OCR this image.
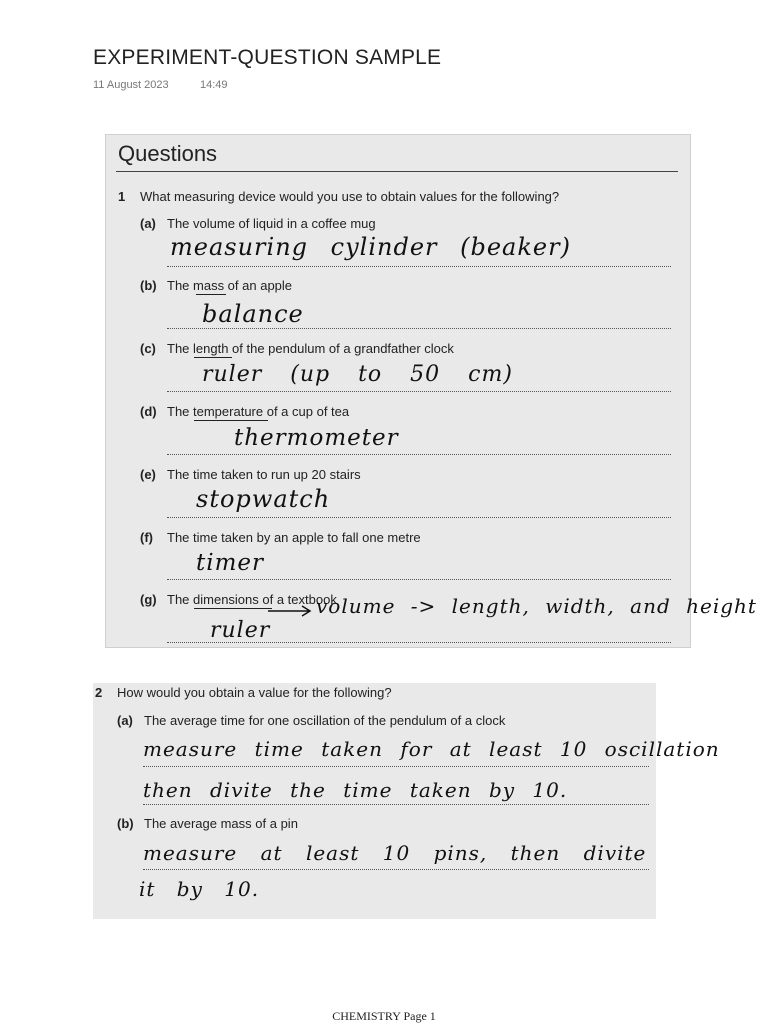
EXPERIMENT-QUESTION SAMPLE
11 August 2023	14:49
Questions
1 What measuring device would you use to obtain values for the following?
(a) The volume of liquid in a coffee mug
measuring cylinder (beaker)
(b) The mass of an apple
balance
(c) The length of the pendulum of a grandfather clock
ruler (up to 50 cm)
(d) The temperature of a cup of tea
thermometer
(e) The time taken to run up 20 stairs
stopwatch
(f) The time taken by an apple to fall one metre
timer
(g) The dimensions of a textbook
volume -> length, width, and height
ruler
2 How would you obtain a value for the following?
(a) The average time for one oscillation of the pendulum of a clock
measure time taken for at least 10 oscillation
then divite the time taken by 10.
(b) The average mass of a pin
measure at least 10 pins, then divite
it by 10.
CHEMISTRY Page 1
